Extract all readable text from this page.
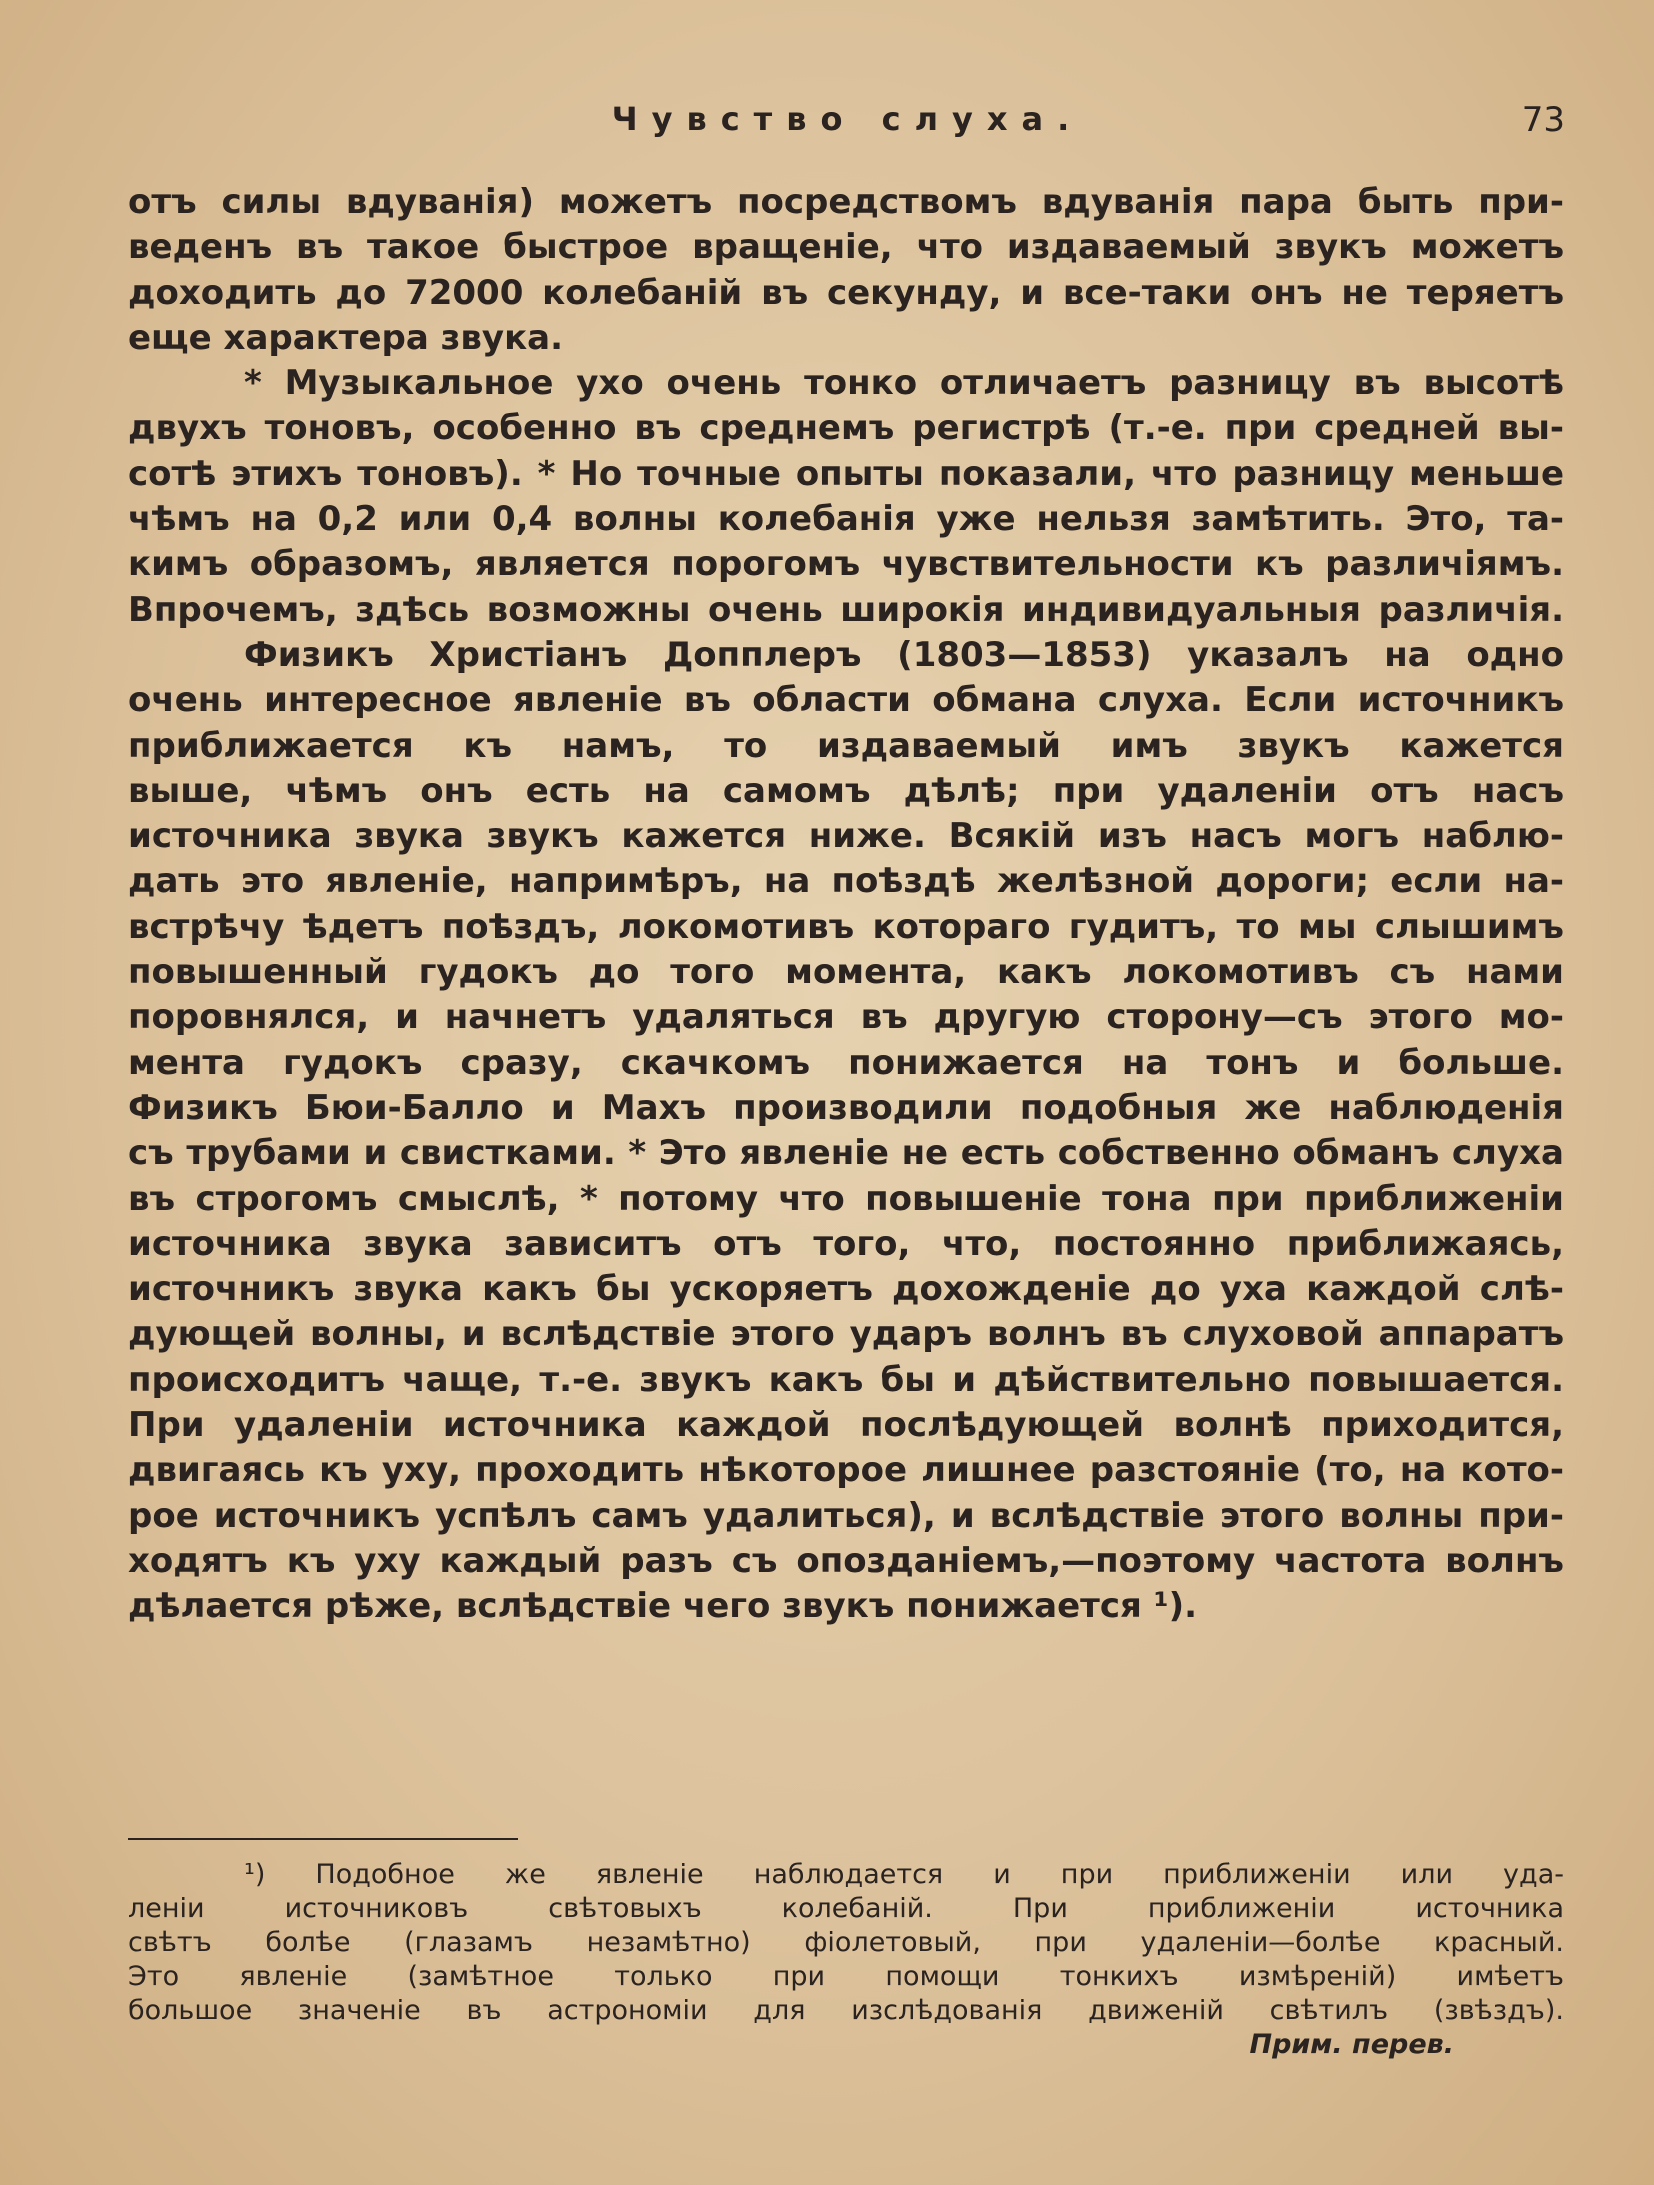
Чувство слуха.	73
отъ силы вдуванія) можетъ посредствомъ вдуванія пара быть при-
веденъ въ такое быстрое вращеніе, что издаваемый звукъ можетъ
доходить до 72000 колебаній въ секунду, и все-таки онъ не теряетъ
еще характера звука.
* Музыкальное ухо очень тонко отличаетъ разницу въ высотѣ
двухъ тоновъ, особенно въ среднемъ регистрѣ (т.-е. при средней вы-
сотѣ этихъ тоновъ). * Но точные опыты показали, что разницу меньше
чѣмъ на 0,2 или 0,4 волны колебанія уже нельзя замѣтить. Это, та-
кимъ образомъ, является порогомъ чувствительности къ различіямъ.
Впрочемъ, здѣсь возможны очень широкія индивидуальныя различія.
Физикъ Христіанъ Допплеръ (1803—1853) указалъ на одно
очень интересное явленіе въ области обмана слуха. Если источникъ
приближается къ намъ, то издаваемый имъ звукъ кажется
выше, чѣмъ онъ есть на самомъ дѣлѣ; при удаленіи отъ насъ
источника звука звукъ кажется ниже. Всякій изъ насъ могъ наблю-
дать это явленіе, напримѣръ, на поѣздѣ желѣзной дороги; если на-
встрѣчу ѣдетъ поѣздъ, локомотивъ котораго гудитъ, то мы слышимъ
повышенный гудокъ до того момента, какъ локомотивъ съ нами
поровнялся, и начнетъ удаляться въ другую сторону—съ этого мо-
мента гудокъ сразу, скачкомъ понижается на тонъ и больше.
Физикъ Бюи-Балло и Махъ производили подобныя же наблюденія
съ трубами и свистками. * Это явленіе не есть собственно обманъ слуха
въ строгомъ смыслѣ, * потому что повышеніе тона при приближеніи
источника звука зависитъ отъ того, что, постоянно приближаясь,
источникъ звука какъ бы ускоряетъ дохожденіе до уха каждой слѣ-
дующей волны, и вслѣдствіе этого ударъ волнъ въ слуховой аппаратъ
происходитъ чаще, т.-е. звукъ какъ бы и дѣйствительно повышается.
При удаленіи источника каждой послѣдующей волнѣ приходится,
двигаясь къ уху, проходить нѣкоторое лишнее разстояніе (то, на кото-
рое источникъ успѣлъ самъ удалиться), и вслѣдствіе этого волны при-
ходятъ къ уху каждый разъ съ опозданіемъ,—поэтому частота волнъ
дѣлается рѣже, вслѣдствіе чего звукъ понижается ¹).
¹) Подобное же явленіе наблюдается и при приближеніи или уда-
леніи источниковъ свѣтовыхъ колебаній. При приближеніи источника
свѣтъ болѣе (глазамъ незамѣтно) фіолетовый, при удаленіи—болѣе красный.
Это явленіе (замѣтное только при помощи тонкихъ измѣреній) имѣетъ
большое значеніе въ астрономіи для изслѣдованія движеній свѣтилъ (звѣздъ).
Прим. перев.
